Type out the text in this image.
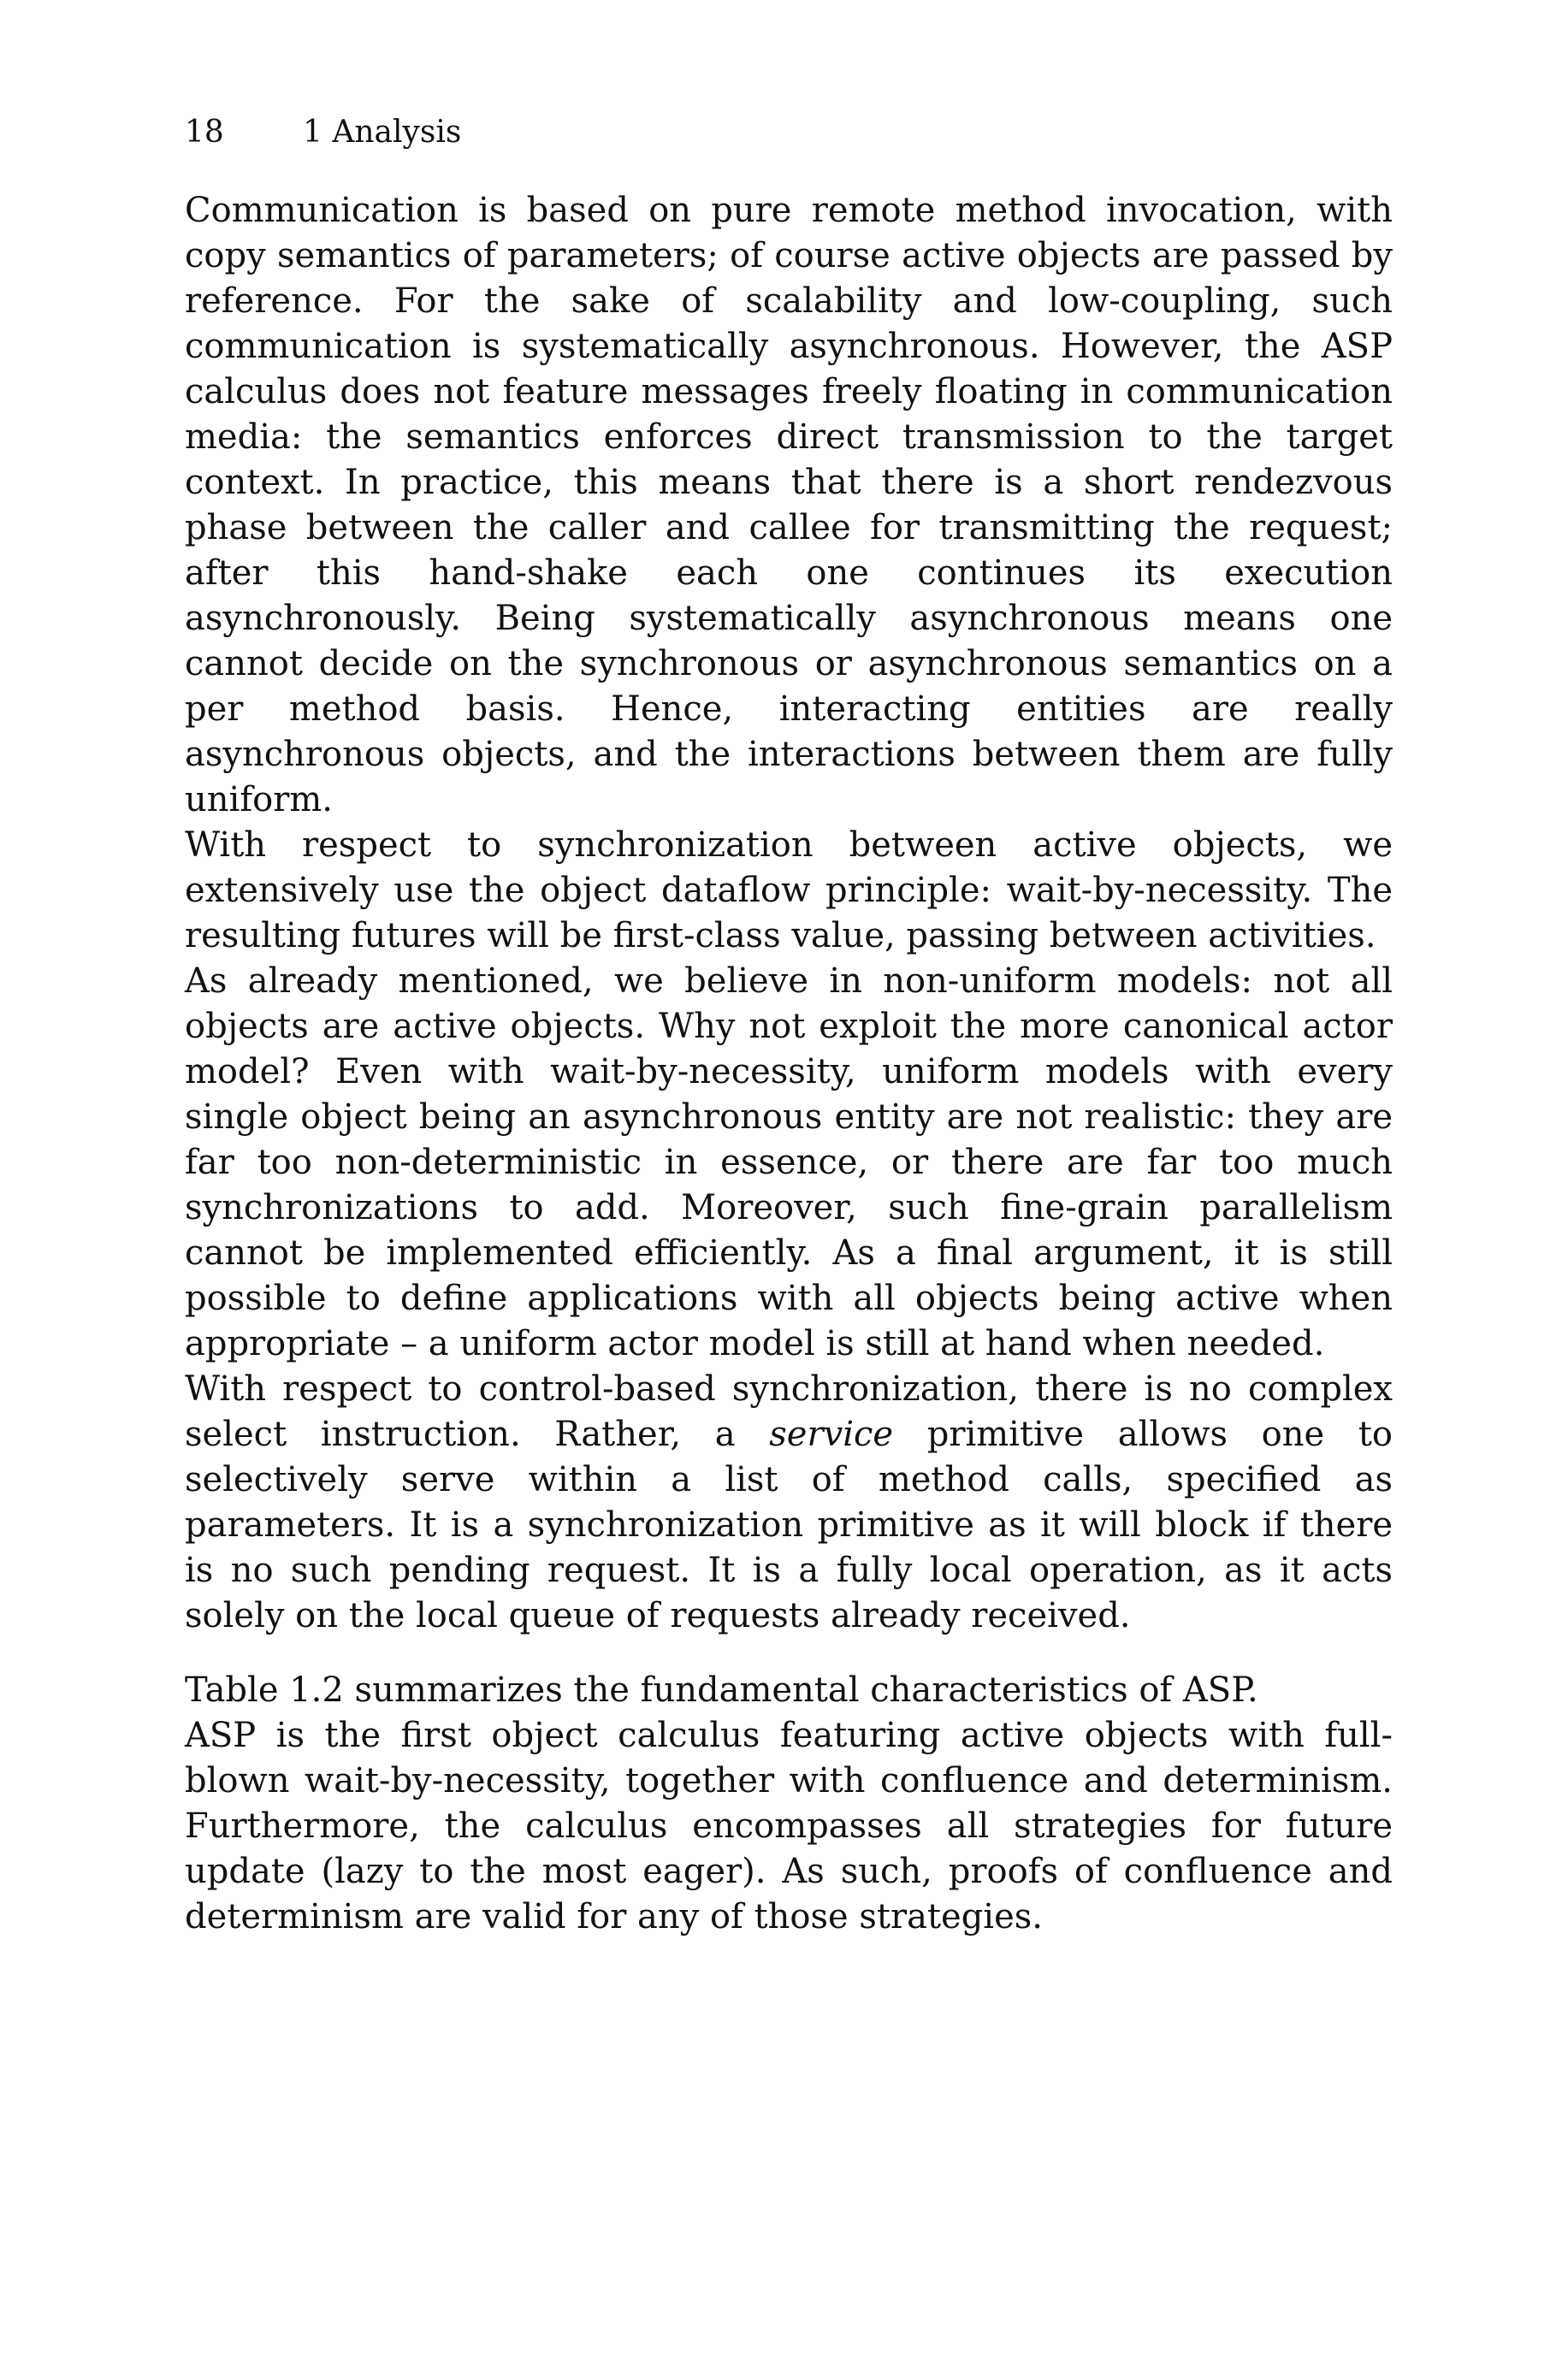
18	1 Analysis

Communication is based on pure remote method invocation, with copy semantics of parameters; of course active objects are passed by reference. For the sake of scalability and low-coupling, such communication is systematically asynchronous. However, the ASP calculus does not feature messages freely floating in communication media: the semantics enforces direct transmission to the target context. In practice, this means that there is a short rendezvous phase between the caller and callee for transmitting the request; after this hand-shake each one continues its execution asynchronously. Being systematically asynchronous means one cannot decide on the synchronous or asynchronous semantics on a per method basis. Hence, interacting entities are really asynchronous objects, and the interactions between them are fully uniform.

With respect to synchronization between active objects, we extensively use the object dataflow principle: wait-by-necessity. The resulting futures will be first-class value, passing between activities.

As already mentioned, we believe in non-uniform models: not all objects are active objects. Why not exploit the more canonical actor model? Even with wait-by-necessity, uniform models with every single object being an asynchronous entity are not realistic: they are far too non-deterministic in essence, or there are far too much synchronizations to add. Moreover, such fine-grain parallelism cannot be implemented efficiently. As a final argument, it is still possible to define applications with all objects being active when appropriate – a uniform actor model is still at hand when needed.

With respect to control-based synchronization, there is no complex select instruction. Rather, a service primitive allows one to selectively serve within a list of method calls, specified as parameters. It is a synchronization primitive as it will block if there is no such pending request. It is a fully local operation, as it acts solely on the local queue of requests already received.

Table 1.2 summarizes the fundamental characteristics of ASP.

ASP is the first object calculus featuring active objects with full-blown wait-by-necessity, together with confluence and determinism. Furthermore, the calculus encompasses all strategies for future update (lazy to the most eager). As such, proofs of confluence and determinism are valid for any of those strategies.
